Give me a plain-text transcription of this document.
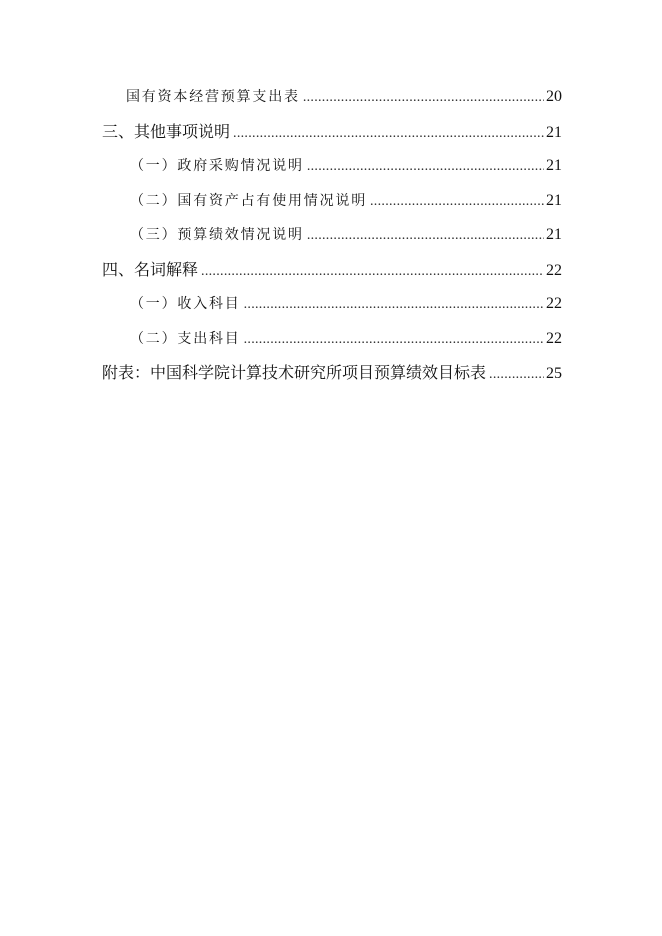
国有资本经营预算支出表 .....	20
三、其他事项说明 .....	21
（一）政府采购情况说明 .....	21
（二）国有资产占有使用情况说明 .....	21
（三）预算绩效情况说明 .....	21
四、名词解释 .....	22
（一）收入科目 .....	22
（二）支出科目 .....	22
附表：中国科学院计算技术研究所项目预算绩效目标表 .....	25
